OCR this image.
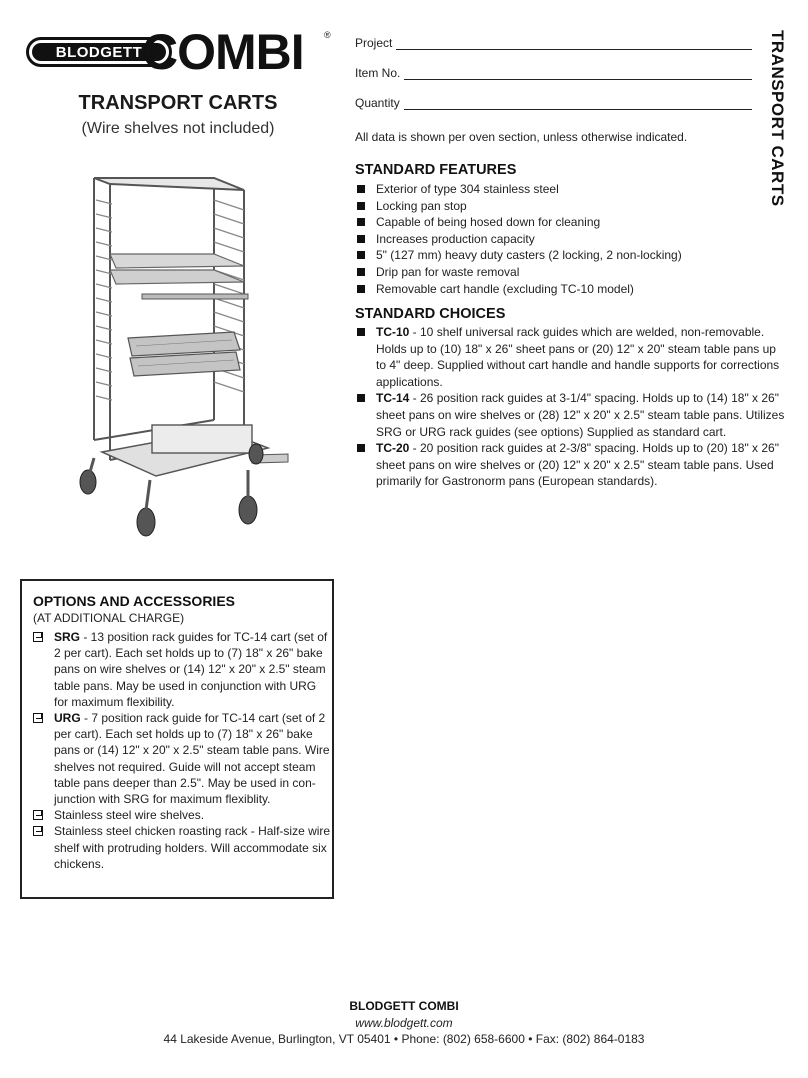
BLODGETT COMBI ®
TRANSPORT CARTS
(Wire shelves not included)
Project
Item No.
Quantity
All data is shown per oven section, unless otherwise indicated.
STANDARD FEATURES
Exterior of type 304 stainless steel
Locking pan stop
Capable of being hosed down for cleaning
Increases production capacity
5" (127 mm) heavy duty casters (2 locking, 2 non-locking)
Drip pan for waste removal
Removable cart handle (excluding TC-10 model)
STANDARD CHOICES
TC-10 - 10 shelf universal rack guides which are welded, non-removable. Holds up to (10) 18" x 26" sheet pans or (20) 12" x 20" steam table pans up to 4" deep. Supplied without cart handle and handle supports for corrections applications.
TC-14 - 26 position rack guides at 3-1/4" spacing. Holds up to (14) 18" x 26" sheet pans on wire shelves or (28) 12" x 20" x 2.5" steam table pans. Utilizes SRG or URG rack guides (see options) Supplied as standard cart.
TC-20 - 20 position rack guides at 2-3/8" spacing. Holds up to (20) 18" x 26" sheet pans on wire shelves or (20) 12" x 20" x 2.5" steam table pans. Used primarily for Gastronorm pans (European standards).
TRANSPORT CARTS
OPTIONS AND ACCESSORIES
(AT ADDITIONAL CHARGE)
SRG - 13 position rack guides for TC-14 cart (set of 2 per cart). Each set holds up to (7) 18" x 26" bake pans on wire shelves or (14) 12" x 20" x 2.5" steam table pans. May be used in conjunction with URG for maximum flexibility.
URG - 7 position rack guide for TC-14 cart (set of 2 per cart). Each set holds up to (7) 18" x 26" bake pans or (14) 12" x 20" x 2.5" steam table pans. Wire shelves not required. Guide will not accept steam table pans deeper than 2.5". May be used in con-junction with SRG for maximum flexiblity.
Stainless steel wire shelves.
Stainless steel chicken roasting rack - Half-size wire shelf with protruding holders. Will accommodate six chickens.
BLODGETT COMBI
www.blodgett.com
44 Lakeside Avenue, Burlington, VT 05401 • Phone: (802) 658-6600 • Fax: (802) 864-0183
